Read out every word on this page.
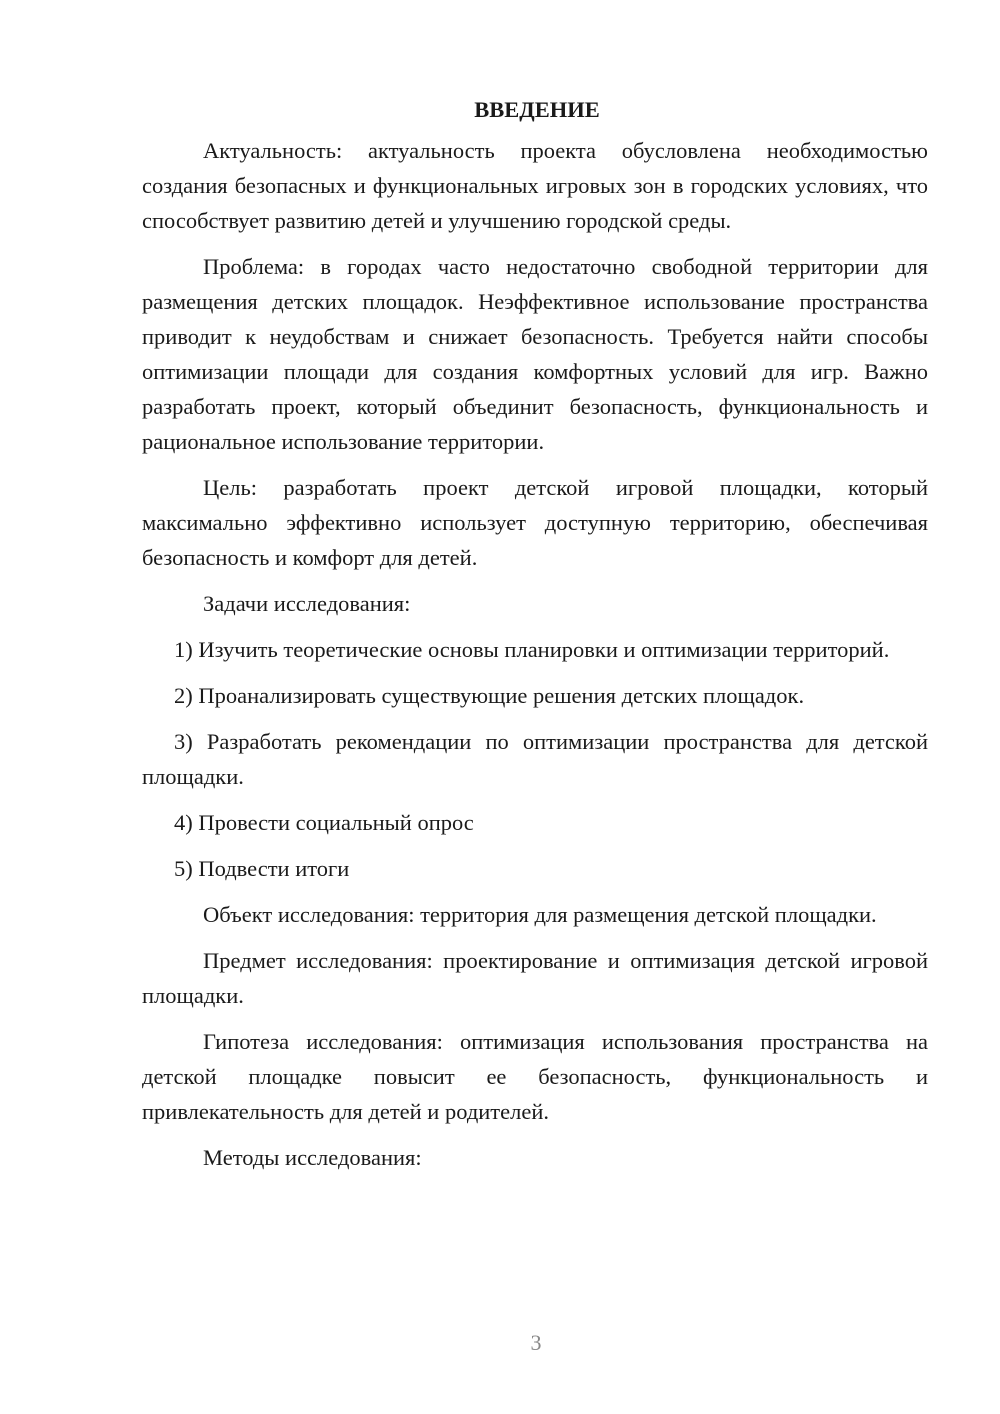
ВВЕДЕНИЕ

Актуальность: актуальность проекта обусловлена необходимостью создания безопасных и функциональных игровых зон в городских условиях, что способствует развитию детей и улучшению городской среды.

Проблема: в городах часто недостаточно свободной территории для размещения детских площадок. Неэффективное использование пространства приводит к неудобствам и снижает безопасность. Требуется найти способы оптимизации площади для создания комфортных условий для игр. Важно разработать проект, который объединит безопасность, функциональность и рациональное использование территории.

Цель: разработать проект детской игровой площадки, который максимально эффективно использует доступную территорию, обеспечивая безопасность и комфорт для детей.

Задачи исследования:

1) Изучить теоретические основы планировки и оптимизации территорий.

2) Проанализировать существующие решения детских площадок.

3) Разработать рекомендации по оптимизации пространства для детской площадки.

4) Провести социальный опрос

5) Подвести итоги

Объект исследования: территория для размещения детской площадки.

Предмет исследования: проектирование и оптимизация детской игровой площадки.

Гипотеза исследования: оптимизация использования пространства на детской площадке повысит ее безопасность, функциональность и привлекательность для детей и родителей.

Методы исследования:

3
